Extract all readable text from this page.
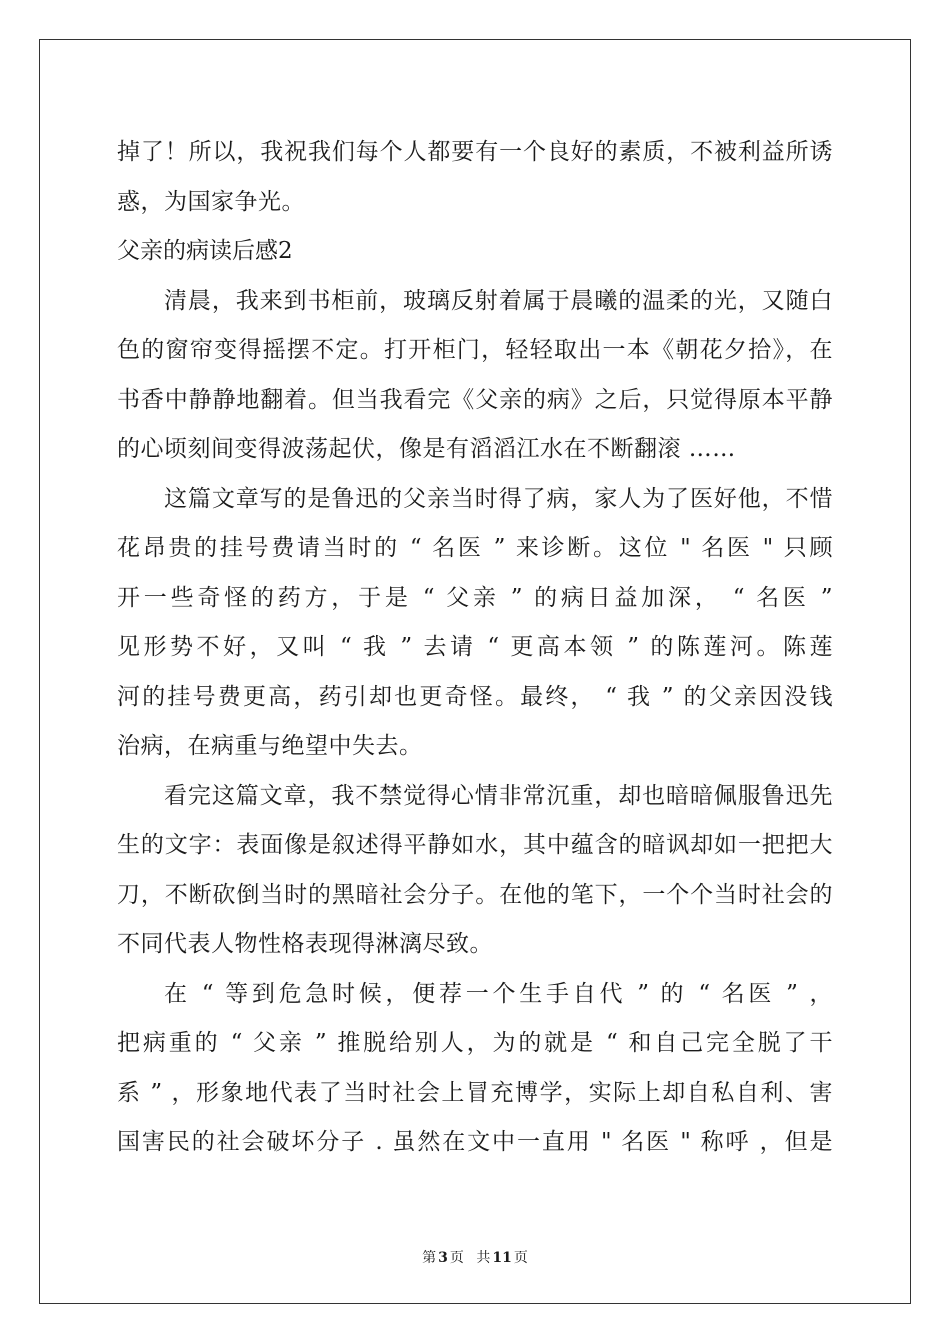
掉了！所以，我祝我们每个人都要有一个良好的素质，不被利益所诱
惑，为国家争光。
父亲的病读后感2
清晨，我来到书柜前，玻璃反射着属于晨曦的温柔的光，又随白
色的窗帘变得摇摆不定。打开柜门，轻轻取出一本《朝花夕拾》，在
书香中静静地翻着。但当我看完《父亲的病》之后，只觉得原本平静
的心顷刻间变得波荡起伏，像是有滔滔江水在不断翻滚 ……
这篇文章写的是鲁迅的父亲当时得了病，家人为了医好他，不惜
花昂贵的挂号费请当时的 “ 名医 ” 来诊断。这位 " 名医 " 只顾
开一些奇怪的药方，于是 “ 父亲 ” 的病日益加深， “ 名医 ”
见形势不好，又叫 “ 我 ” 去请 “ 更高本领 ” 的陈莲河。陈莲
河的挂号费更高，药引却也更奇怪。最终， “ 我 ” 的父亲因没钱
治病，在病重与绝望中失去。
看完这篇文章，我不禁觉得心情非常沉重，却也暗暗佩服鲁迅先
生的文字：表面像是叙述得平静如水，其中蕴含的暗讽却如一把把大
刀，不断砍倒当时的黑暗社会分子。在他的笔下，一个个当时社会的
不同代表人物性格表现得淋漓尽致。
在 “ 等到危急时候，便荐一个生手自代 ” 的 “ 名医 ” ，
把病重的 “ 父亲 ” 推脱给别人，为的就是 “ 和自己完全脱了干
系 ” ，形象地代表了当时社会上冒充博学，实际上却自私自利、害
国害民的社会破坏分子 . 虽然在文中一直用 " 名医 " 称呼 ，但是
第 3 页 共 11 页
